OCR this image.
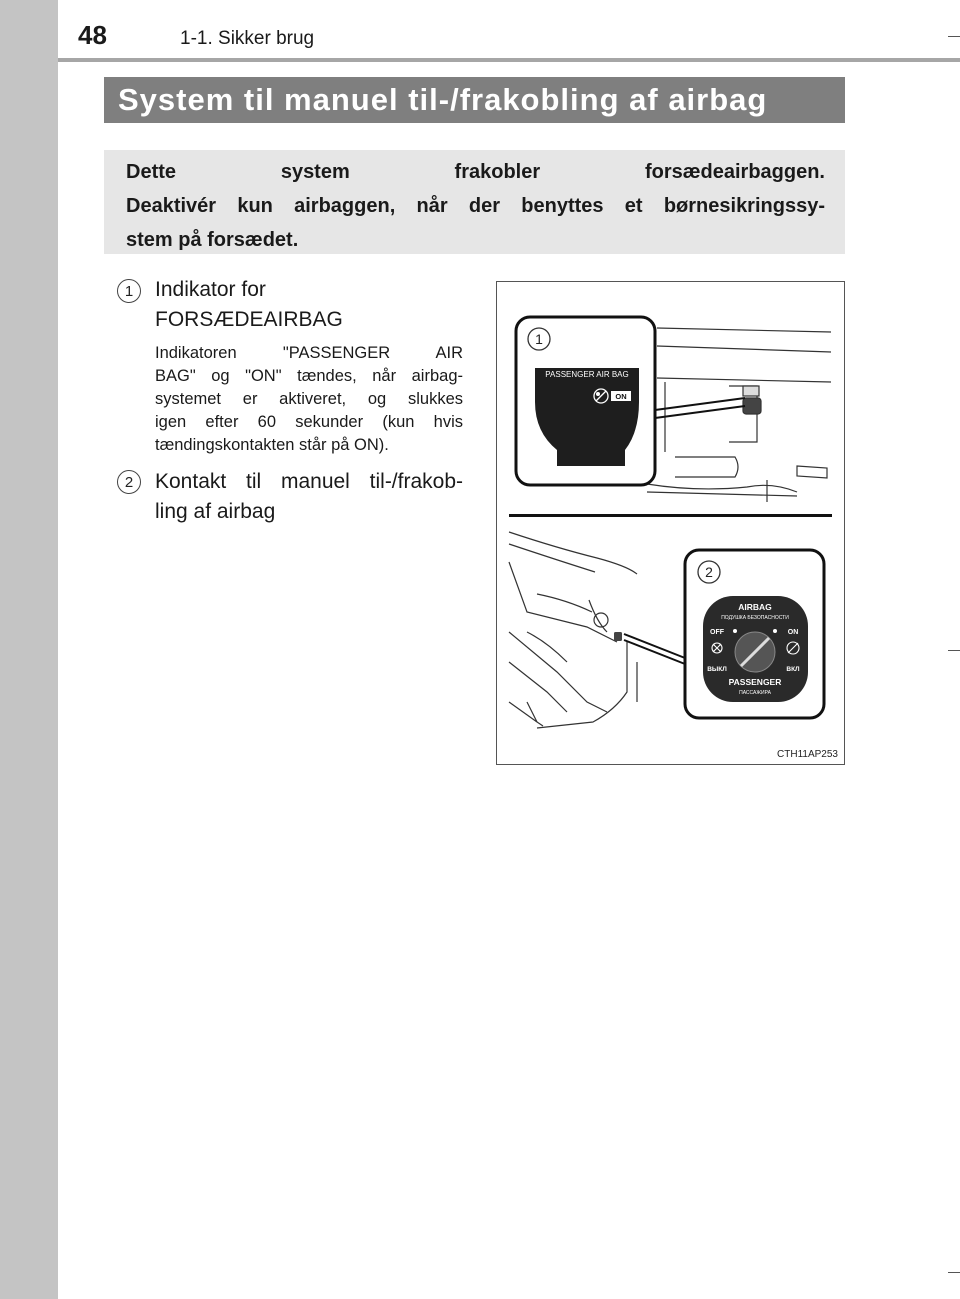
48	1-1. Sikker brug
System til manuel til-/frakobling af airbag
Dette system frakobler forsædeairbaggen.
Deaktivér kun airbaggen, når der benyttes et børnesikringssy-
stem på forsædet.
1	Indikator for
FORSÆDEAIRBAG
Indikatoren "PASSENGER AIR
BAG" og "ON" tændes, når airbag-
systemet er aktiveret, og slukkes
igen efter 60 sekunder (kun hvis
tændingskontakten står på ON).
2	Kontakt til manuel til-/frakob-
ling af airbag
1
PASSENGER AIR BAG
ON
2
AIRBAG
ПОДУШКА БЕЗОПАСНОСТИ
OFF	ON
ВЫКЛ	ВКЛ
PASSENGER
ПАССАЖИРА
CTH11AP253
